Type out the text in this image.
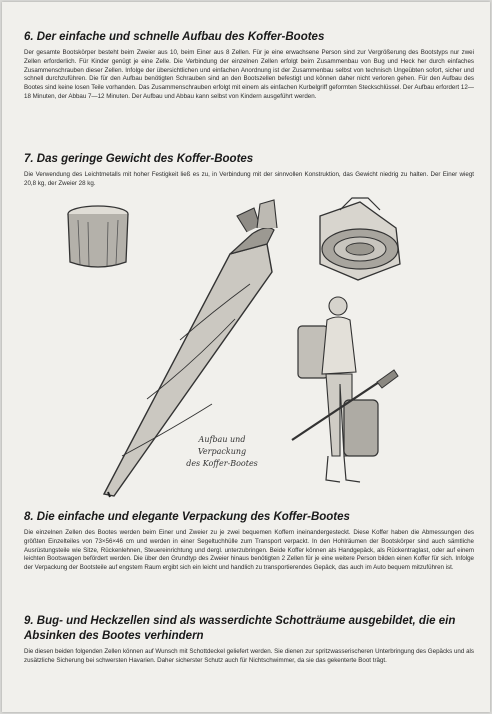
6. Der einfache und schnelle Aufbau des Koffer-Bootes

Der gesamte Bootskörper besteht beim Zweier aus 10, beim Einer aus 8 Zellen. Für je eine erwachsene Person sind zur Vergrößerung des Bootstyps nur zwei Zellen erforderlich. Für Kinder genügt je eine Zelle. Die Verbindung der einzelnen Zellen erfolgt beim Zusammenbau von Bug und Heck her durch einfaches Zusammenschrauben dieser Zellen. Infolge der übersichtlichen und einfachen Anordnung ist der Zusammenbau selbst von technisch Ungeübten sofort, sicher und schnell durchzuführen. Die für den Aufbau benötigten Schrauben sind an den Bootszellen befestigt und können daher nicht verloren gehen. Für den Aufbau des Bootes sind keine losen Teile vorhanden. Das Zusammenschrauben erfolgt mit einem als einfachen Kurbelgriff geformten Steckschlüssel. Der Aufbau erfordert 12—18 Minuten, der Abbau 7—12 Minuten. Der Aufbau und Abbau kann selbst von Kindern ausgeführt werden.

7. Das geringe Gewicht des Koffer-Bootes

Die Verwendung des Leichtmetalls mit hoher Festigkeit ließ es zu, in Verbindung mit der sinnvollen Konstruktion, das Gewicht niedrig zu halten. Der Einer wiegt 20,8 kg, der Zweier 28 kg.

Aufbau und
Verpackung
des Koffer-Bootes
8. Die einfache und elegante Verpackung des Koffer-Bootes

Die einzelnen Zellen des Bootes werden beim Einer und Zweier zu je zwei bequemen Koffern ineinandergesteckt. Diese Koffer haben die Abmessungen des größten Einzelteiles von 73×56×46 cm und werden in einer Segeltuchhülle zum Transport verpackt. In den Hohlräumen der Bootskörper sind auch sämtliche Ausrüstungsteile wie Sitze, Rückenlehnen, Steuereinrichtung und dergl. unterzubringen. Beide Koffer können als Handgepäck, als Rückentraglast, oder auf einem leichten Bootswagen befördert werden. Die über den Grundtyp des Zweier hinaus benötigten 2 Zellen für je eine weitere Person bilden einen Koffer für sich. Infolge der Verpackung der Bootsteile auf engstem Raum ergibt sich ein leicht und handlich zu transportierendes Gepäck, das auch im Auto bequem mitzuführen ist.

9. Bug- und Heckzellen sind als wasserdichte Schotträume ausgebildet, die ein Absinken des Bootes verhindern

Die diesen beiden folgenden Zellen können auf Wunsch mit Schottdeckel geliefert werden. Sie dienen zur spritzwasserischeren Unterbringung des Gepäcks und als zusätzliche Sicherung bei schwersten Havarien. Daher sicherster Schutz auch für Nichtschwimmer, da sie das gekenterte Boot trägt.
